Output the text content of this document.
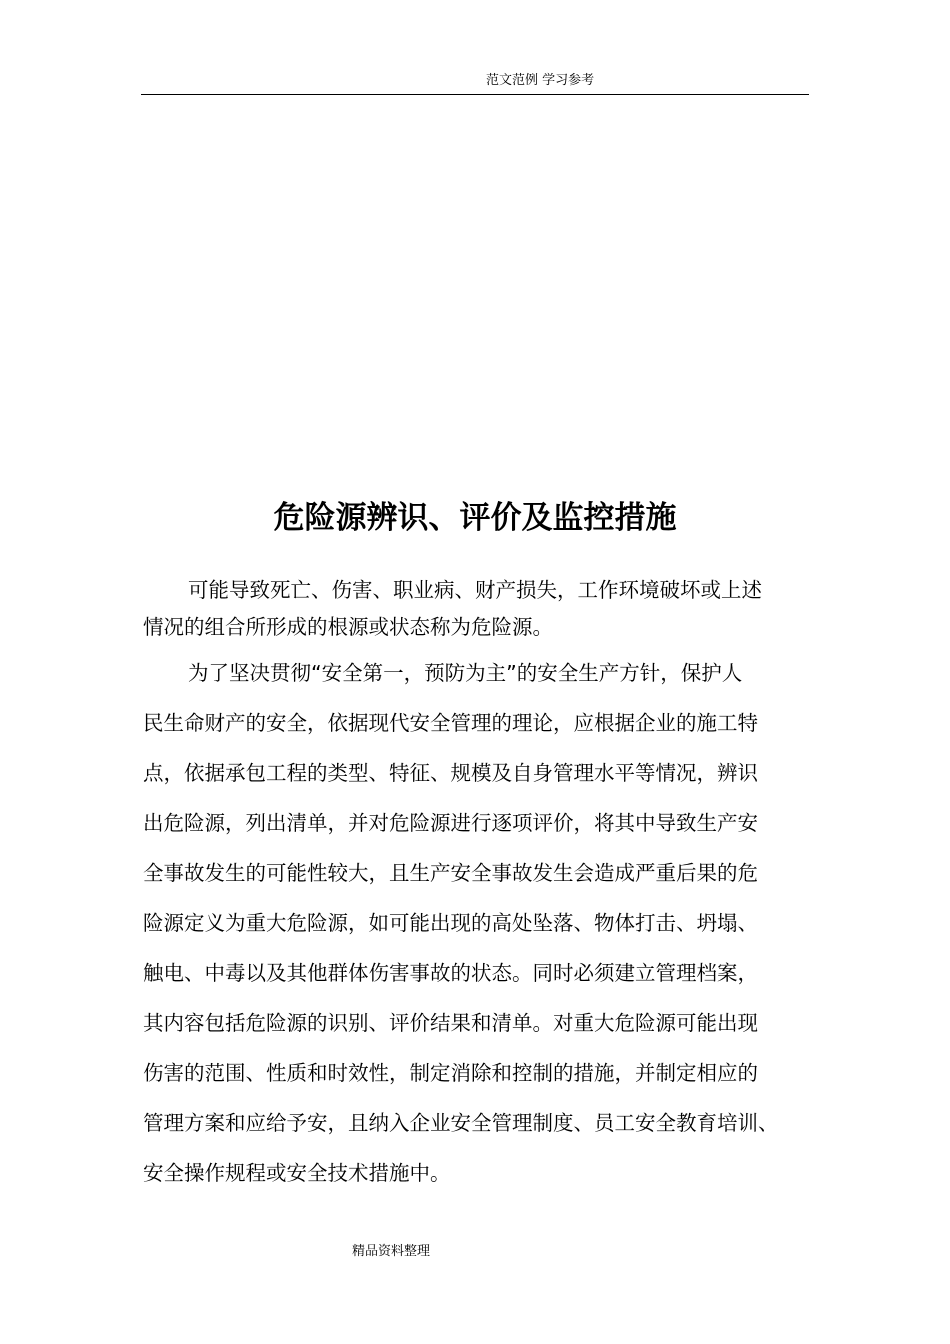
范文范例 学习参考
危险源辨识、评价及监控措施
可能导致死亡、伤害、职业病、财产损失，工作环境破坏或上述
情况的组合所形成的根源或状态称为危险源。
为了坚决贯彻“安全第一，预防为主”的安全生产方针，保护人
民生命财产的安全，依据现代安全管理的理论，应根据企业的施工特
点，依据承包工程的类型、特征、规模及自身管理水平等情况，辨识
出危险源，列出清单，并对危险源进行逐项评价，将其中导致生产安
全事故发生的可能性较大，且生产安全事故发生会造成严重后果的危
险源定义为重大危险源，如可能出现的高处坠落、物体打击、坍塌、
触电、中毒以及其他群体伤害事故的状态。同时必须建立管理档案，
其内容包括危险源的识别、评价结果和清单。对重大危险源可能出现
伤害的范围、性质和时效性，制定消除和控制的措施，并制定相应的
管理方案和应给予安，且纳入企业安全管理制度、员工安全教育培训、
安全操作规程或安全技术措施中。
精品资料整理
